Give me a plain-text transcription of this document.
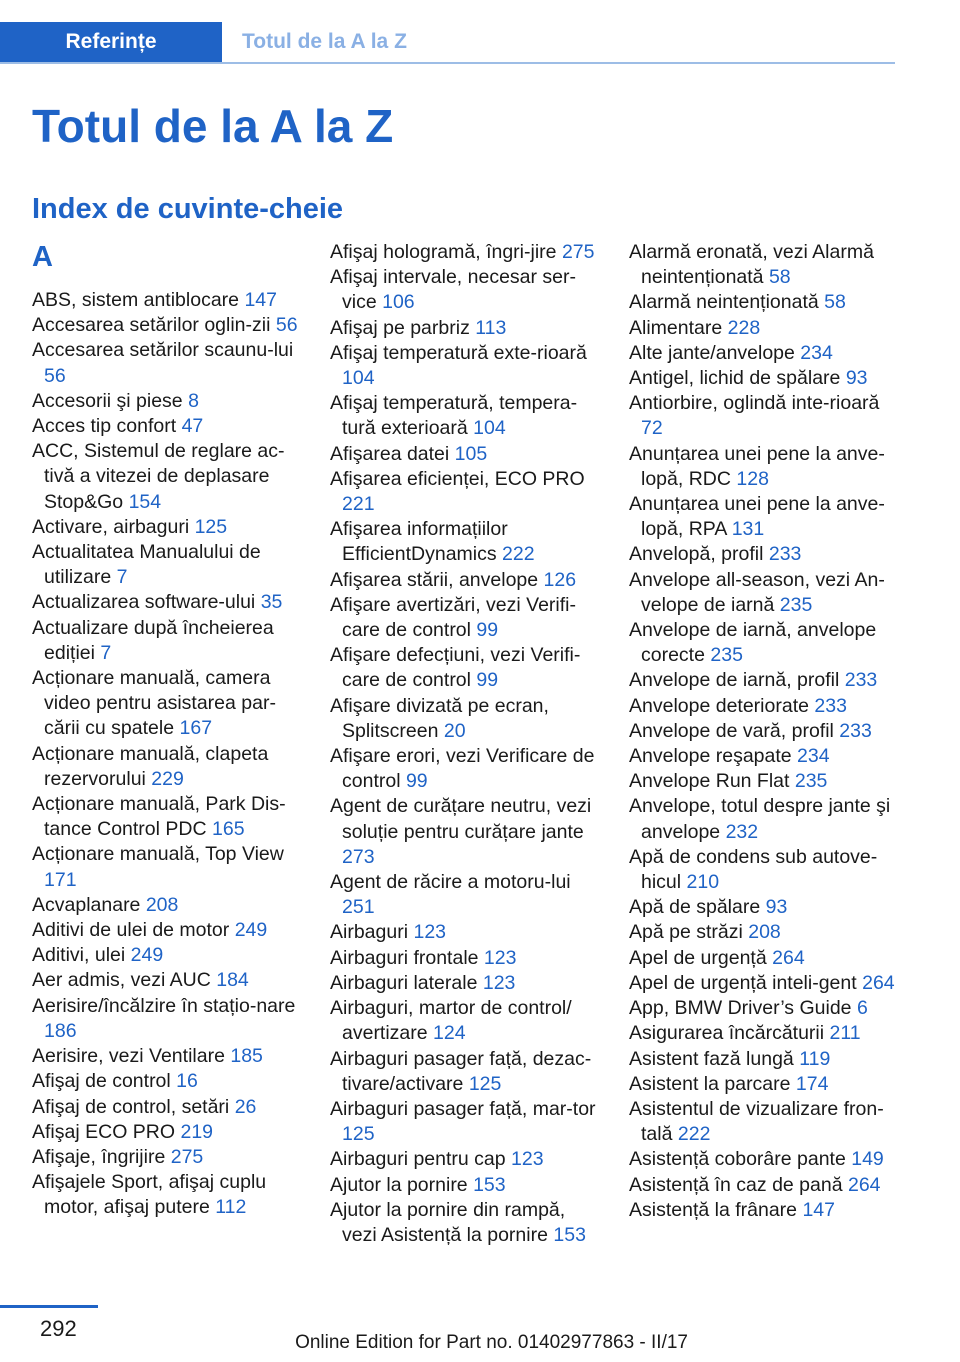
Referințe	Totul de la A la Z
Totul de la A la Z
Index de cuvinte-cheie
A
ABS, sistem antiblocare 147
Accesarea setărilor oglin-zii 56
Accesarea setărilor scaunu-lui 56
Accesorii şi piese 8
Acces tip confort 47
ACC, Sistemul de reglare ac-tivă a vitezei de deplasare Stop&Go 154
Activare, airbaguri 125
Actualitatea Manualului de utilizare 7
Actualizarea software-ului 35
Actualizare după încheierea ediției 7
Acționare manuală, camera video pentru asistarea par-cării cu spatele 167
Acționare manuală, clapeta rezervorului 229
Acționare manuală, Park Dis-tance Control PDC 165
Acționare manuală, Top View 171
Acvaplanare 208
Aditivi de ulei de motor 249
Aditivi, ulei 249
Aer admis, vezi AUC 184
Aerisire/încălzire în stațio-nare 186
Aerisire, vezi Ventilare 185
Afişaj de control 16
Afişaj de control, setări 26
Afişaj ECO PRO 219
Afişaje, îngrijire 275
Afişajele Sport, afişaj cuplu motor, afişaj putere 112
Afişaj hologramă, îngri-jire 275
Afişaj intervale, necesar ser-vice 106
Afişaj pe parbriz 113
Afişaj temperatură exte-rioară 104
Afişaj temperatură, tempera-tură exterioară 104
Afişarea datei 105
Afişarea eficienței, ECO PRO 221
Afişarea informațiilor EfficientDynamics 222
Afişarea stării, anvelope 126
Afişare avertizări, vezi Verifi-care de control 99
Afişare defecțiuni, vezi Verifi-care de control 99
Afişare divizată pe ecran, Splitscreen 20
Afişare erori, vezi Verificare de control 99
Agent de curățare neutru, vezi soluție pentru curățare jante 273
Agent de răcire a motoru-lui 251
Airbaguri 123
Airbaguri frontale 123
Airbaguri laterale 123
Airbaguri, martor de control/ avertizare 124
Airbaguri pasager față, dezac-tivare/activare 125
Airbaguri pasager față, mar-tor 125
Airbaguri pentru cap 123
Ajutor la pornire 153
Ajutor la pornire din rampă, vezi Asistență la pornire 153
Alarmă eronată, vezi Alarmă neintenționată 58
Alarmă neintenționată 58
Alimentare 228
Alte jante/anvelope 234
Antigel, lichid de spălare 93
Antiorbire, oglindă inte-rioară 72
Anunțarea unei pene la anve-lopă, RDC 128
Anunțarea unei pene la anve-lopă, RPA 131
Anvelopă, profil 233
Anvelope all-season, vezi An-velope de iarnă 235
Anvelope de iarnă, anvelope corecte 235
Anvelope de iarnă, profil 233
Anvelope deteriorate 233
Anvelope de vară, profil 233
Anvelope reşapate 234
Anvelope Run Flat 235
Anvelope, totul despre jante şi anvelope 232
Apă de condens sub autove-hicul 210
Apă de spălare 93
Apă pe străzi 208
Apel de urgență 264
Apel de urgență inteli-gent 264
App, BMW Driver’s Guide 6
Asigurarea încărcăturii 211
Asistent fază lungă 119
Asistent la parcare 174
Asistentul de vizualizare fron-tală 222
Asistență coborâre pante 149
Asistență în caz de pană 264
Asistență la frânare 147
292
Online Edition for Part no. 01402977863 - II/17
